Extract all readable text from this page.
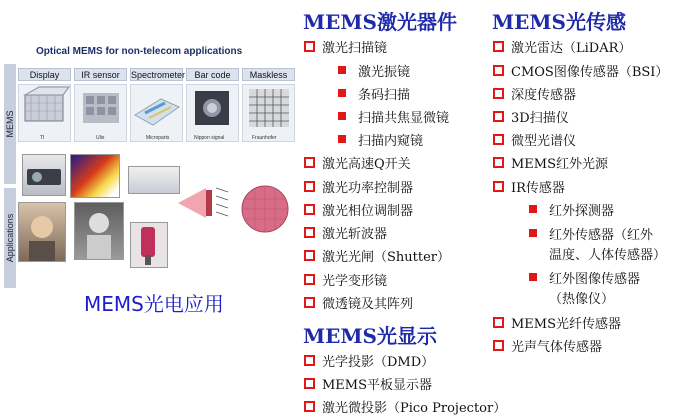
Optical MEMS for non-telecom applications
MEMS
Applications
Display	IR sensor	Spectrometer	Bar code	Maskless
TI	Ulis	Microparts	Nippon signal	Fraunhofer
MEMS光电应用
MEMS激光器件
激光扫描镜
激光振镜
条码扫描
扫描共焦显微镜
扫描内窥镜
激光高速Q开关
激光功率控制器
激光相位调制器
激光斩波器
激光光闸（Shutter）
光学变形镜
微透镜及其阵列
MEMS光显示
光学投影（DMD）
MEMS平板显示器
激光微投影（Pico Projector）
MEMS光传感
激光雷达（LiDAR）
CMOS图像传感器（BSI）
深度传感器
3D扫描仪
微型光谱仪
MEMS红外光源
IR传感器
红外探测器
红外传感器（红外
温度、人体传感器）
红外图像传感器
（热像仪）
MEMS光纤传感器
光声气体传感器
